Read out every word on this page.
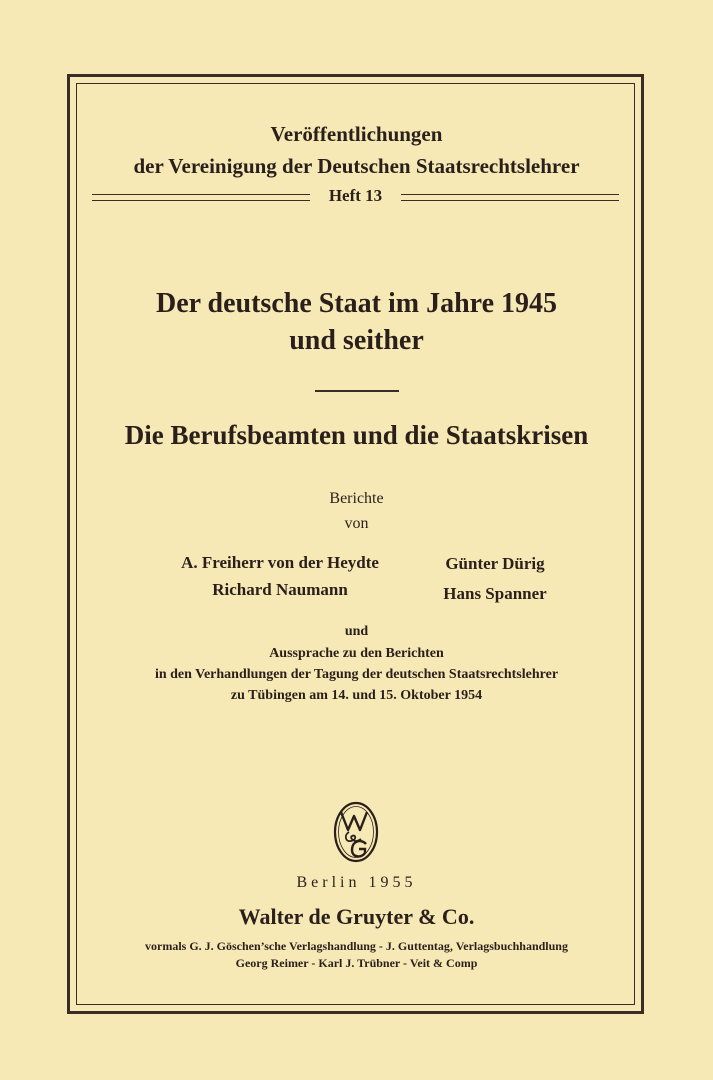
Veröffentlichungen
der Vereinigung der Deutschen Staatsrechtslehrer
Heft 13
Der deutsche Staat im Jahre 1945
und seither
Die Berufsbeamten und die Staatskrisen
Berichte
von
A. Freiherr von der Heydte
Richard Naumann
Günter Dürig
Hans Spanner
und
Aussprache zu den Berichten
in den Verhandlungen der Tagung der deutschen Staatsrechtslehrer
zu Tübingen am 14. und 15. Oktober 1954
Berlin 1955
Walter de Gruyter & Co.
vormals G. J. Göschen’sche Verlagshandlung - J. Guttentag, Verlagsbuchhandlung
Georg Reimer - Karl J. Trübner - Veit & Comp
